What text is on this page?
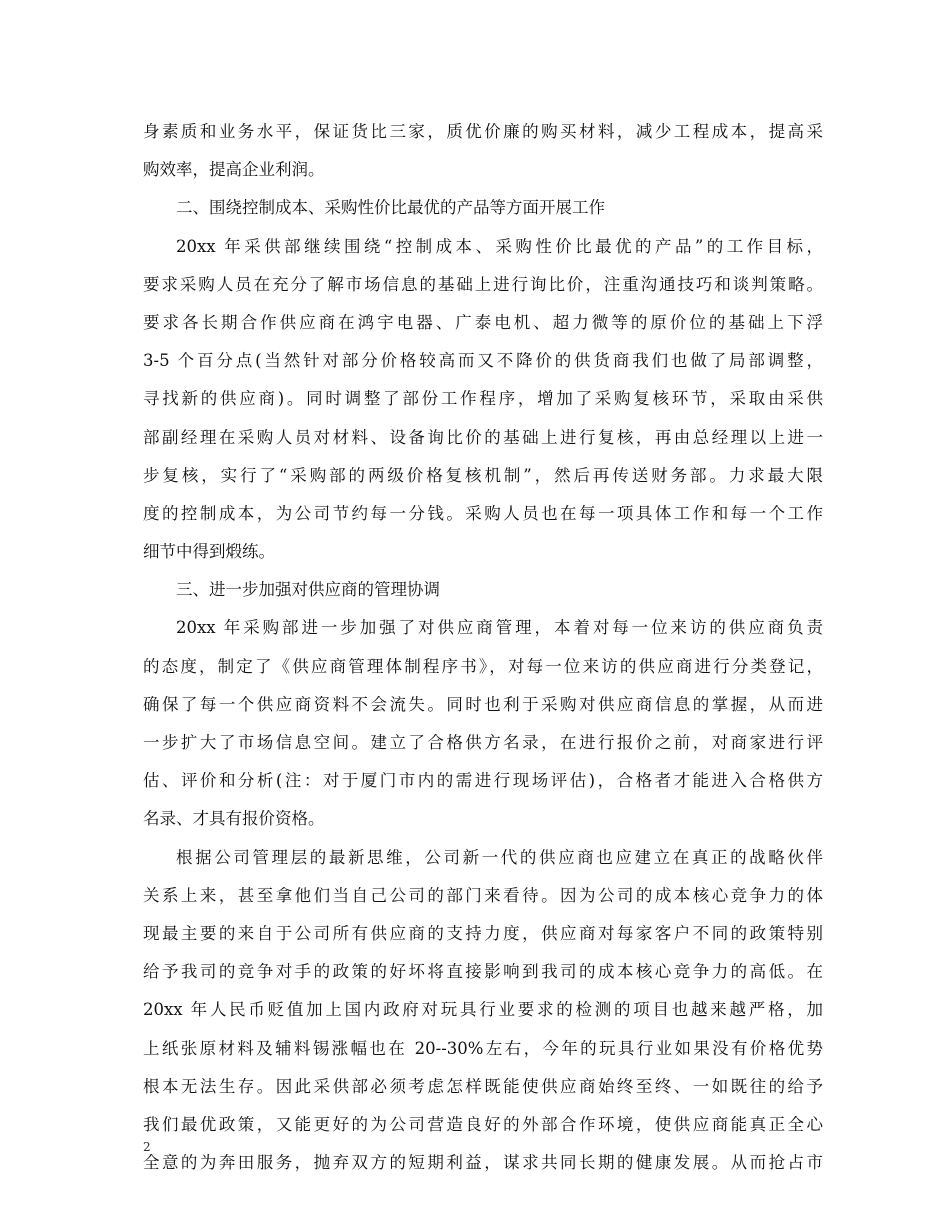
身素质和业务水平，保证货比三家，质优价廉的购买材料，减少工程成本，提高采
购效率，提高企业利润。
二、围绕控制成本、采购性价比最优的产品等方面开展工作
20xx 年采供部继续围绕“控制成本、采购性价比最优的产品”的工作目标，
要求采购人员在充分了解市场信息的基础上进行询比价，注重沟通技巧和谈判策略。
要求各长期合作供应商在鸿宇电器、广泰电机、超力微等的原价位的基础上下浮
3-5 个百分点(当然针对部分价格较高而又不降价的供货商我们也做了局部调整，
寻找新的供应商)。同时调整了部份工作程序，增加了采购复核环节，采取由采供
部副经理在采购人员对材料、设备询比价的基础上进行复核，再由总经理以上进一
步复核，实行了“采购部的两级价格复核机制”，然后再传送财务部。力求最大限
度的控制成本，为公司节约每一分钱。采购人员也在每一项具体工作和每一个工作
细节中得到煅练。
三、进一步加强对供应商的管理协调
20xx 年采购部进一步加强了对供应商管理，本着对每一位来访的供应商负责
的态度，制定了《供应商管理体制程序书》，对每一位来访的供应商进行分类登记，
确保了每一个供应商资料不会流失。同时也利于采购对供应商信息的掌握，从而进
一步扩大了市场信息空间。建立了合格供方名录，在进行报价之前，对商家进行评
估、评价和分析(注：对于厦门市内的需进行现场评估)，合格者才能进入合格供方
名录、才具有报价资格。
根据公司管理层的最新思维，公司新一代的供应商也应建立在真正的战略伙伴
关系上来，甚至拿他们当自己公司的部门来看待。因为公司的成本核心竞争力的体
现最主要的来自于公司所有供应商的支持力度，供应商对每家客户不同的政策特别
给予我司的竞争对手的政策的好坏将直接影响到我司的成本核心竞争力的高低。在
20xx 年人民币贬值加上国内政府对玩具行业要求的检测的项目也越来越严格，加
上纸张原材料及辅料锡涨幅也在 20--30%左右，今年的玩具行业如果没有价格优势
根本无法生存。因此采供部必须考虑怎样既能使供应商始终至终、一如既往的给予
我们最优政策，又能更好的为公司营造良好的外部合作环境，使供应商能真正全心
全意的为奔田服务，抛弃双方的短期利益，谋求共同长期的健康发展。从而抢占市
2
